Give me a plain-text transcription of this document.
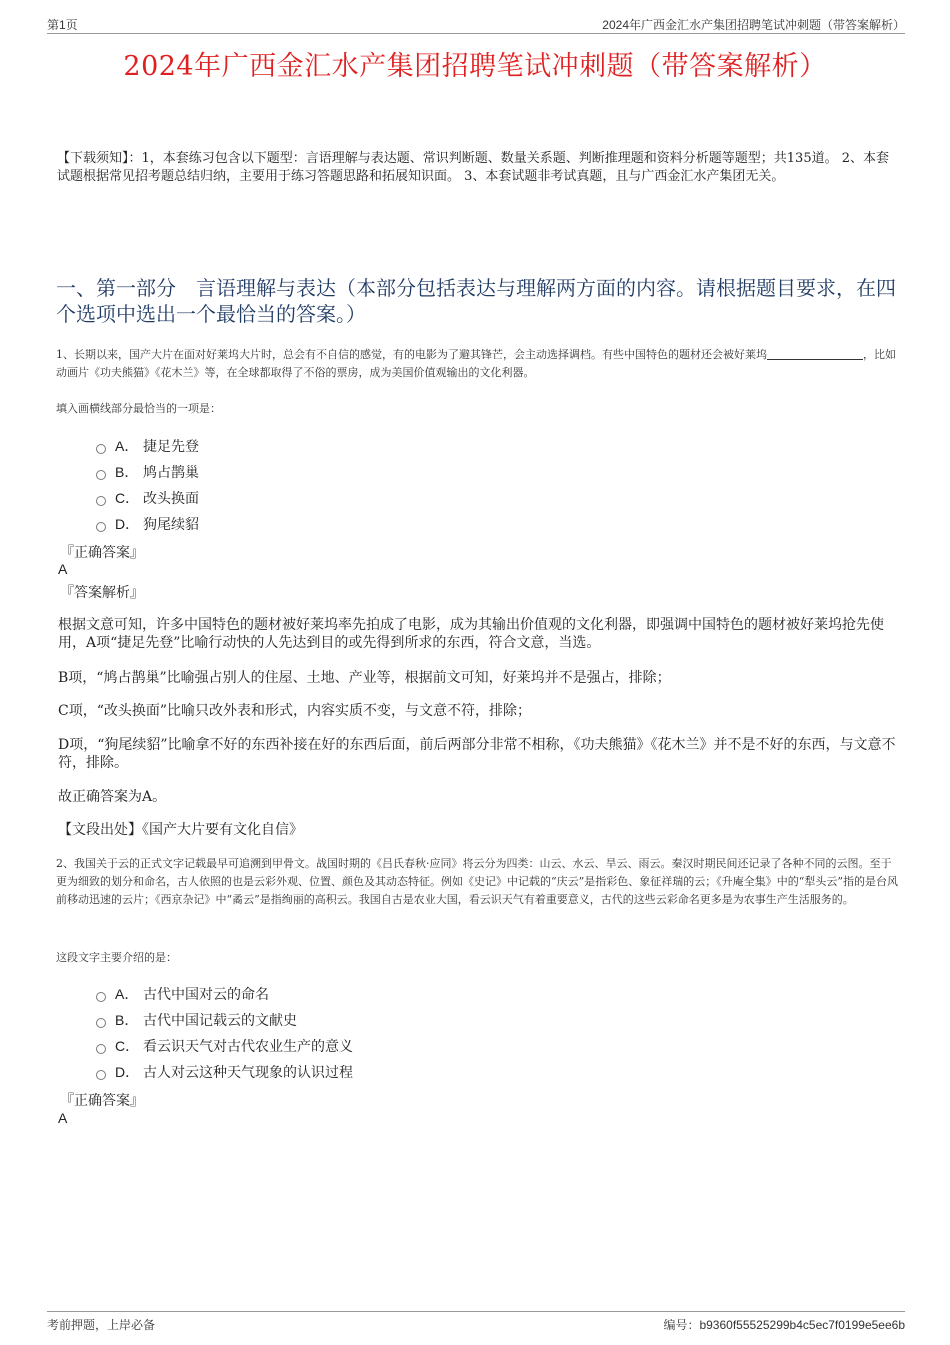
第1页	2024年广西金汇水产集团招聘笔试冲刺题（带答案解析）
2024年广西金汇水产集团招聘笔试冲刺题（带答案解析）
【下载须知】：1，本套练习包含以下题型：言语理解与表达题、常识判断题、数量关系题、判断推理题和资料分析题等题型；共135道。 2、本套试题根据常见招考题总结归纳，主要用于练习答题思路和拓展知识面。 3、本套试题非考试真题，且与广西金汇水产集团无关。
一、第一部分　言语理解与表达（本部分包括表达与理解两方面的内容。请根据题目要求，在四个选项中选出一个最恰当的答案。）
1、长期以来，国产大片在面对好莱坞大片时，总会有不自信的感觉，有的电影为了避其锋芒，会主动选择调档。有些中国特色的题材还会被好莱坞	，比如动画片《功夫熊猫》《花木兰》等，在全球都取得了不俗的票房，成为美国价值观输出的文化利器。
填入画横线部分最恰当的一项是：
A． 捷足先登
B． 鸠占鹊巢
C． 改头换面
D． 狗尾续貂
『正确答案』
A
『答案解析』
根据文意可知，许多中国特色的题材被好莱坞率先拍成了电影，成为其输出价值观的文化利器，即强调中国特色的题材被好莱坞抢先使用，A项“捷足先登”比喻行动快的人先达到目的或先得到所求的东西，符合文意，当选。
B项，“鸠占鹊巢”比喻强占别人的住屋、土地、产业等，根据前文可知，好莱坞并不是强占，排除；
C项，“改头换面”比喻只改外表和形式，内容实质不变，与文意不符，排除；
D项，“狗尾续貂”比喻拿不好的东西补接在好的东西后面，前后两部分非常不相称，《功夫熊猫》《花木兰》并不是不好的东西，与文意不符，排除。
故正确答案为A。
【文段出处】《国产大片要有文化自信》
2、我国关于云的正式文字记载最早可追溯到甲骨文。战国时期的《吕氏春秋·应同》将云分为四类：山云、水云、旱云、雨云。秦汉时期民间还记录了各种不同的云图。至于更为细致的划分和命名，古人依照的也是云彩外观、位置、颜色及其动态特征。例如《史记》中记载的“庆云”是指彩色、象征祥瑞的云；《升庵全集》中的“犁头云”指的是台风前移动迅速的云片；《西京杂记》中“矞云”是指绚丽的高积云。我国自古是农业大国，看云识天气有着重要意义，古代的这些云彩命名更多是为农事生产生活服务的。
这段文字主要介绍的是：
A． 古代中国对云的命名
B． 古代中国记载云的文献史
C． 看云识天气对古代农业生产的意义
D． 古人对云这种天气现象的认识过程
『正确答案』
A
考前押题，上岸必备	编号：b9360f55525299b4c5ec7f0199e5ee6b
